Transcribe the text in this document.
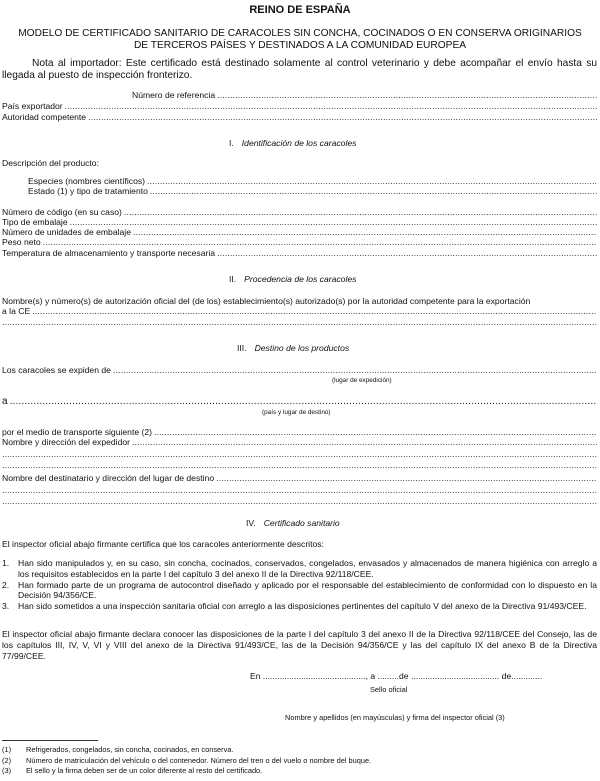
REINO DE ESPAÑA
MODELO DE CERTIFICADO SANITARIO DE CARACOLES SIN CONCHA, COCINADOS O EN CONSERVA ORIGINARIOS
DE TERCEROS PAÍSES Y DESTINADOS A LA COMUNIDAD EUROPEA
Nota al importador: Este certificado está destinado solamente al control veterinario y debe acompañar el envío hasta su llegada al puesto de inspección fronterizo.
Número de referencia
.....
País exportador
.....
Autoridad competente
.....
I. Identificación de los caracoles
Descripción del producto:
Especies (nombres científicos)
.....
Estado (1) y tipo de tratamiento
.....
Número de código (en su caso)
.....
Tipo de embalaje
.....
Número de unidades de embalaje
.....
Peso neto
.....
Temperatura de almacenamiento y transporte necesaria
.....
II. Procedencia de los caracoles
Nombre(s) y número(s) de autorización oficial del (de los) establecimiento(s) autorizado(s) por la autoridad competente para la exportación
a la CE
.....
.....
III. Destino de los productos
Los caracoles se expiden de
.....
(lugar de expedición)
a
.....
(país y lugar de destino)
por el medio de transporte siguiente (2)
.....
Nombre y dirección del expedidor
.....
.....
.....
Nombre del destinatario y dirección del lugar de destino
.....
.....
.....
IV. Certificado sanitario
El inspector oficial abajo firmante certifica que los caracoles anteriormente descritos:
1.	Han sido manipulados y, en su caso, sin concha, cocinados, conservados, congelados, envasados y almacenados de manera higiénica con arreglo a los requisitos establecidos en la parte I del capítulo 3 del anexo II de la Directiva 92/118/CEE.
2.	Han formado parte de un programa de autocontrol diseñado y aplicado por el responsable del establecimiento de conformidad con lo dispuesto en la Decisión 94/356/CE.
3.	Han sido sometidos a una inspección sanitaria oficial con arreglo a las disposiciones pertinentes del capítulo V del anexo de la Directiva 91/493/CEE.
El inspector oficial abajo firmante declara conocer las disposiciones de la parte I del capítulo 3 del anexo II de la Directiva 92/118/CEE del Consejo, las de los capítulos III, IV, V, VI y VIII del anexo de la Directiva 91/493/CE, las de la Decisión 94/356/CE y las del capítulo IX del anexo B de la Directiva 77/99/CEE.
En ..........................................., a .........de ..................................... de.............
Sello oficial
Nombre y apellidos (en mayúsculas) y firma del inspector oficial (3)
(1)	Refrigerados, congelados, sin concha, cocinados, en conserva.
(2)	Número de matriculación del vehículo o del contenedor. Número del tren o del vuelo o nombre del buque.
(3)	El sello y la firma deben ser de un color diferente al resto del certificado.
